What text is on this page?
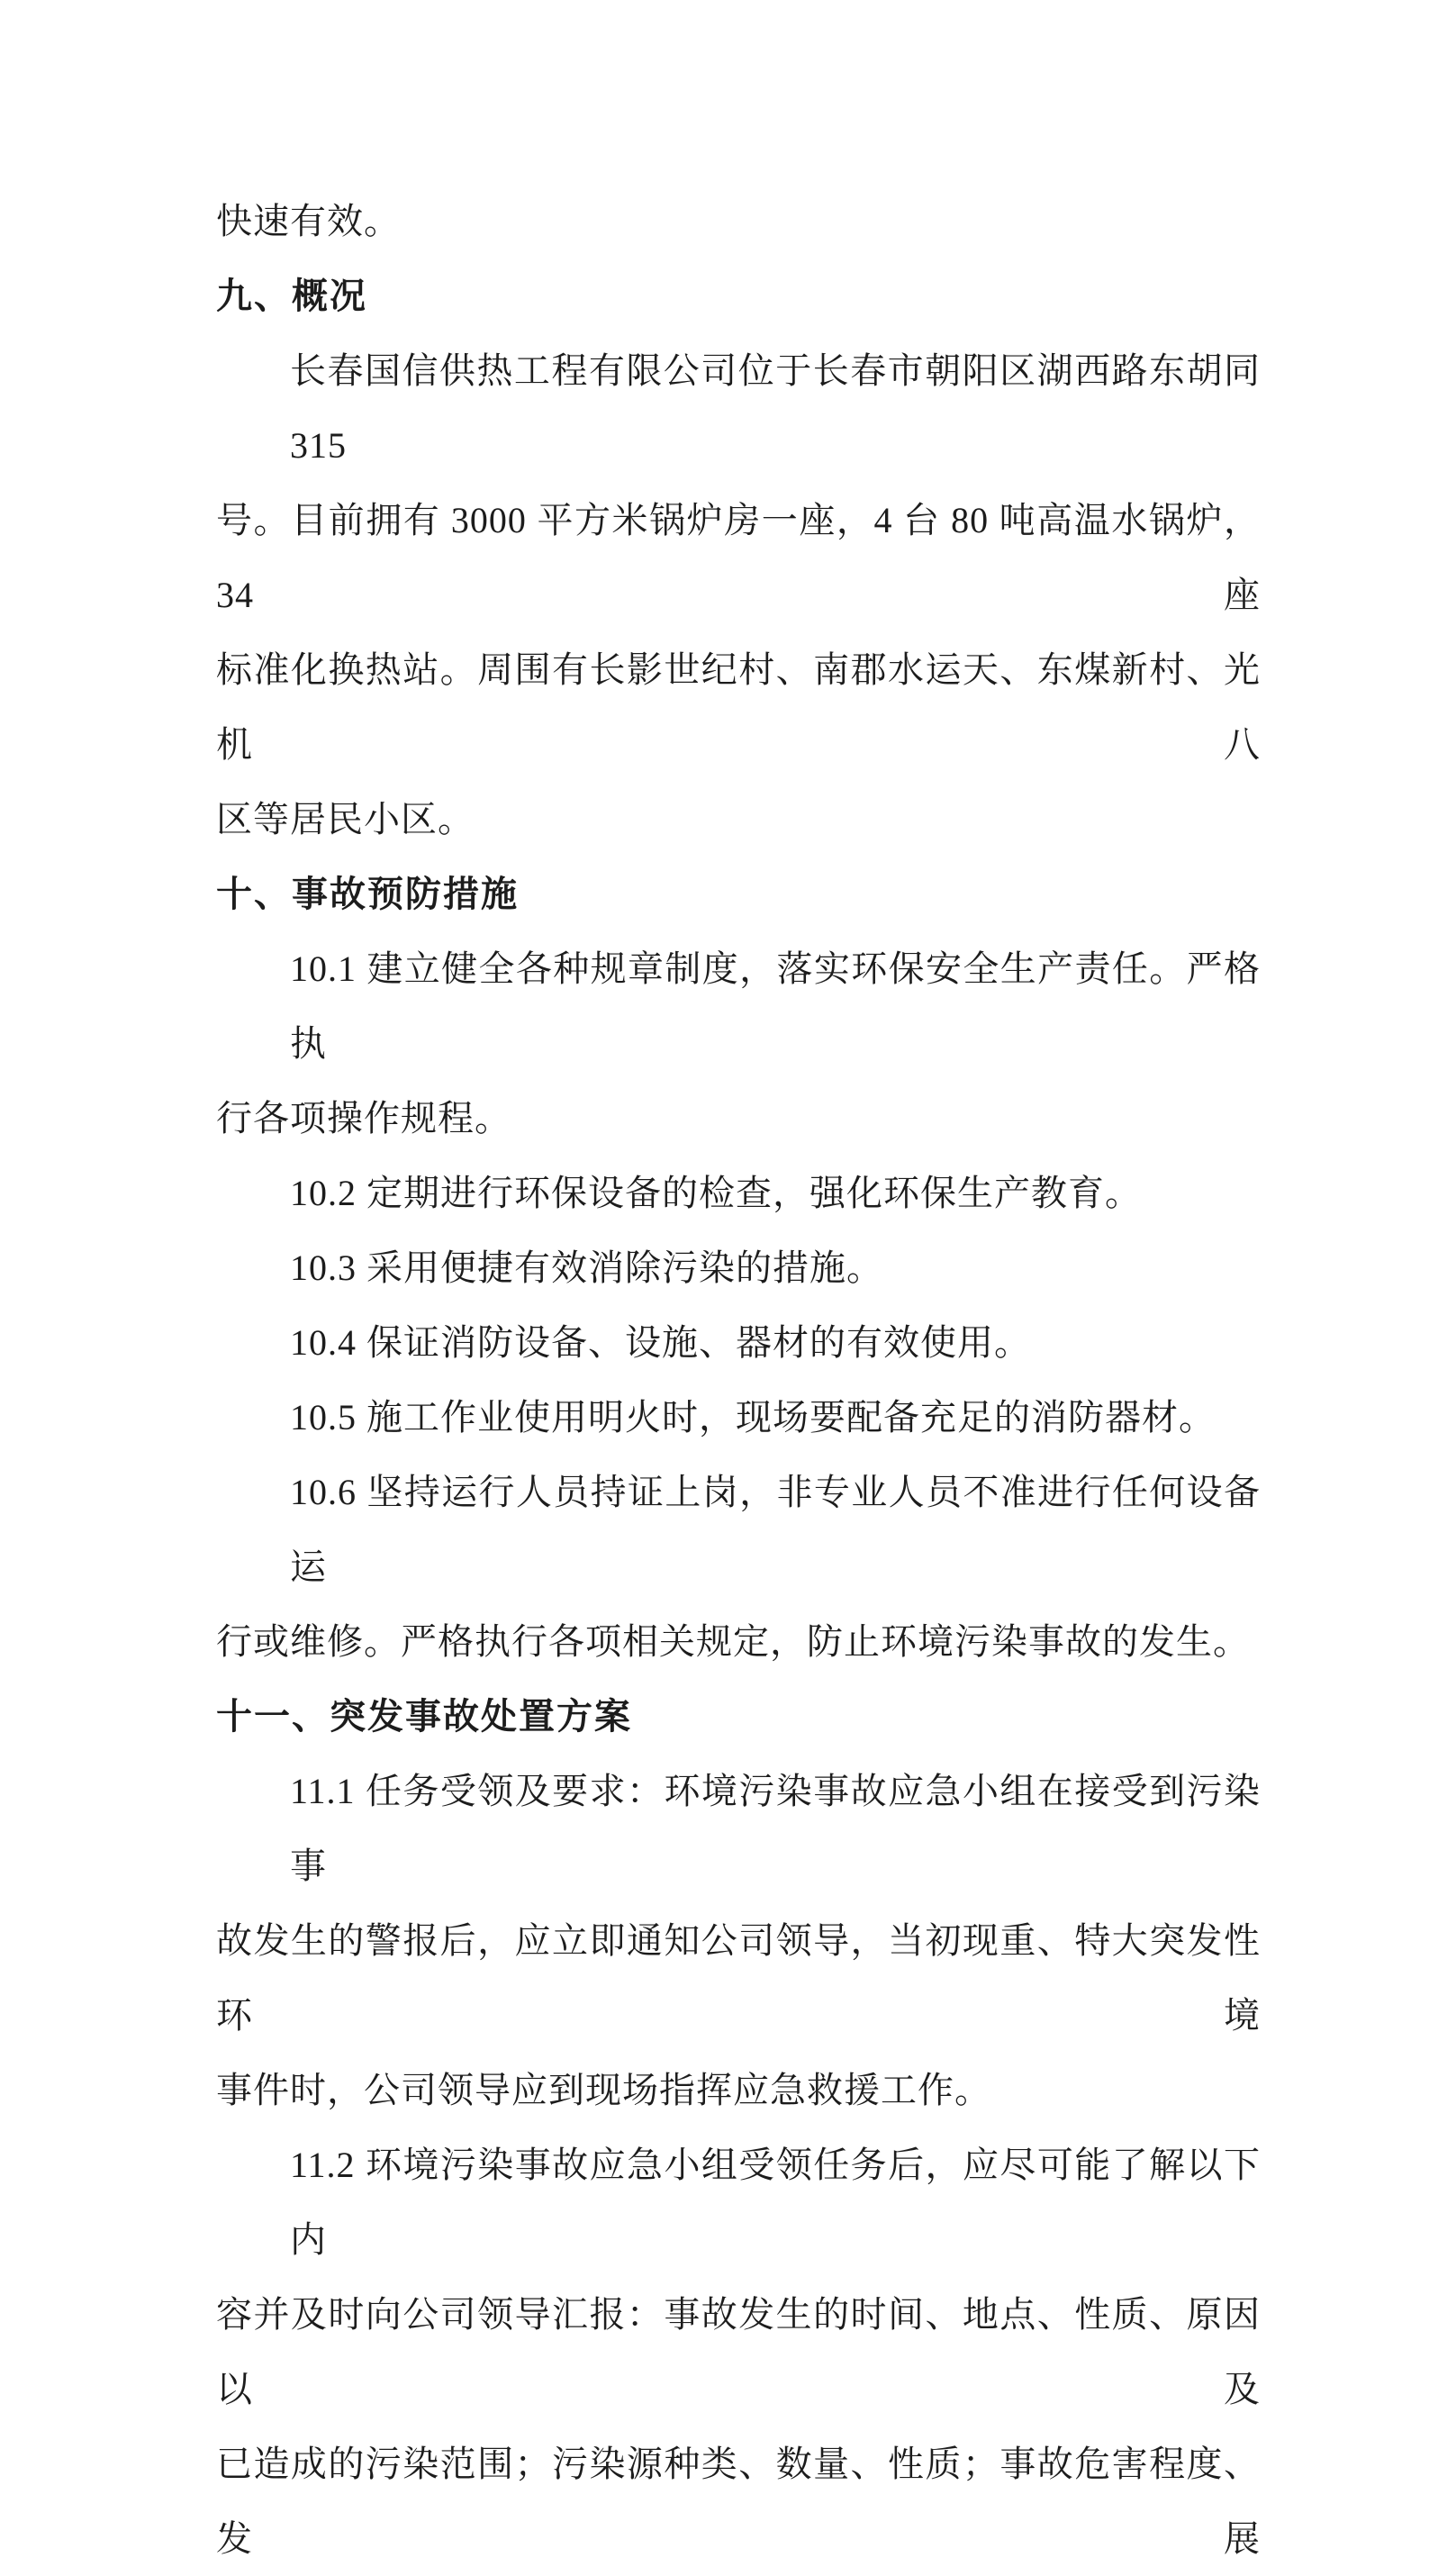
快速有效。
九、概况
长春国信供热工程有限公司位于长春市朝阳区湖西路东胡同 315
号。目前拥有 3000 平方米锅炉房一座，4 台 80 吨高温水锅炉，34 座
标准化换热站。周围有长影世纪村、南郡水运天、东煤新村、光机八
区等居民小区。
十、事故预防措施
10.1 建立健全各种规章制度，落实环保安全生产责任。严格执
行各项操作规程。
10.2 定期进行环保设备的检查，强化环保生产教育。
10.3 采用便捷有效消除污染的措施。
10.4 保证消防设备、设施、器材的有效使用。
10.5 施工作业使用明火时，现场要配备充足的消防器材。
10.6 坚持运行人员持证上岗，非专业人员不准进行任何设备运
行或维修。严格执行各项相关规定，防止环境污染事故的发生。
十一、突发事故处置方案
11.1 任务受领及要求：环境污染事故应急小组在接受到污染事
故发生的警报后，应立即通知公司领导，当初现重、特大突发性环境
事件时，公司领导应到现场指挥应急救援工作。
11.2 环境污染事故应急小组受领任务后，应尽可能了解以下内
容并及时向公司领导汇报：事故发生的时间、地点、性质、原因以及
已造成的污染范围；污染源种类、数量、性质；事故危害程度、发展
